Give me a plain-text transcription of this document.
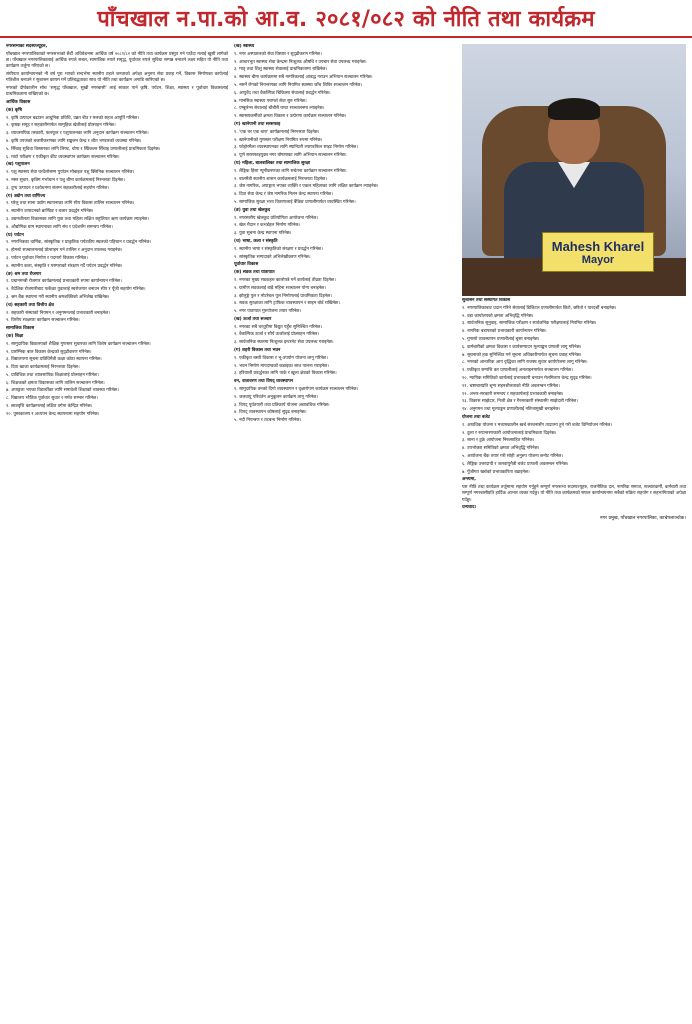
पाँचखाल न.पा.को आ.व. २०८१/०८२ को नीति तथा कार्यक्रम

नगरसभाका सदस्यज्यूहरु,

पाँचखाल नगरपालिकाको नगरसभाको छैटौं अधिवेशनमा आर्थिक वर्ष २०८१/८२ को नीति तथा कार्यक्रम प्रस्तुत गर्न पाउँदा मलाई खुसी लागेको छ। पाँचखाल नगरपालिकालाई आर्थिक रुपले सबल, सामाजिक रुपले समृद्ध, पूर्वाधार रुपले सुविधा सम्पन्न बनाउने लक्ष्य सहित यो नीति तथा कार्यक्रम तर्जुमा गरिएको छ।

संघीयता कार्यान्वयनको नौ वर्ष पूरा भएको सन्दर्भमा स्थानीय तहले जनताको अपेक्षा अनुरुप सेवा प्रवाह गर्ने, विकास निर्माणका कार्यलाई गतिशील बनाउने र सुशासन कायम गर्ने प्रतिबद्धताका साथ यो नीति तथा कार्यक्रम अगाडि सारिएको छ।

नगरको दीर्घकालीन सोच 'समृद्ध पाँचखाल, सुखी नगरबासी' लाई साकार पार्न कृषि, पर्यटन, शिक्षा, स्वास्थ्य र पूर्वाधार विकासलाई प्राथमिकतामा राखिएको छ।

आर्थिक विकास

(क) कृषि

१. कृषि उत्पादन बढाउन आधुनिक प्रविधि, उन्नत बीउ र मलको सहज आपूर्ति गरिनेछ।

२. कृषक समूह र सहकारीमार्फत सामूहिक खेतीलाई प्रोत्साहन गरिनेछ।

३. व्यावसायिक तरकारी, फलफूल र पशुपालनका लागि अनुदान कार्यक्रम सञ्चालन गरिनेछ।

४. कृषि उपजको बजारीकरणका लागि सङ्कलन केन्द्र र शीत भण्डारको व्यवस्था गरिनेछ।

५. सिँचाइ सुविधा विस्तारका लागि लिफ्ट, थोपा र स्प्रिंकलर सिँचाइ प्रणालीलाई प्राथमिकता दिइनेछ।

६. माटो परीक्षण र एकीकृत कीट व्यवस्थापन कार्यक्रम सञ्चालन गरिनेछ।

(ख) पशुपालन

१. पशु स्वास्थ्य सेवा घरदैलोसम्म पुर्याउन मोबाइल पशु क्लिनिक सञ्चालन गरिनेछ।

२. नस्ल सुधार, कृत्रिम गर्भाधान र पशु बीमा कार्यक्रमलाई निरन्तरता दिइनेछ।

३. दुग्ध उत्पादन र प्रशोधनमा संलग्न सहकारीलाई सहयोग गरिनेछ।

(ग) उद्योग तथा वाणिज्य

१. घरेलु तथा साना उद्योग स्थापनाका लागि सीप विकास तालिम सञ्चालन गरिनेछ।

२. स्थानीय उत्पादनको ब्राण्डिङ र बजार प्रवर्द्धन गरिनेछ।

३. उद्यमशीलता विकासका लागि युवा तथा महिला लक्षित सहुलियत ऋण कार्यक्रम ल्याइनेछ।

४. औद्योगिक ग्राम स्थापनाका लागि संघ र प्रदेशसँग समन्वय गरिनेछ।

(घ) पर्यटन

१. नगरभित्रका धार्मिक, सांस्कृतिक र प्राकृतिक पर्यटकीय स्थलको पहिचान र प्रवर्द्धन गरिनेछ।

२. होमस्टे सञ्चालनलाई प्रोत्साहन गर्न तालिम र अनुदान उपलब्ध गराइनेछ।

३. पर्यटन पूर्वाधार निर्माण र पदमार्ग विकास गरिनेछ।

४. स्थानीय कला, संस्कृति र परम्पराको संरक्षण गर्दै पर्यटन प्रवर्द्धन गरिनेछ।

(ङ) श्रम तथा रोजगार

१. प्रधानमन्त्री रोजगार कार्यक्रमलाई प्रभावकारी रुपमा कार्यान्वयन गरिनेछ।

२. वैदेशिक रोजगारीबाट फर्केका युवालाई स्वरोजगार बनाउन सीप र पूँजी सहयोग गरिनेछ।

३. श्रम बैंक स्थापना गरी स्थानीय श्रमशक्तिको अभिलेख राखिनेछ।

(च) सहकारी तथा वित्तीय क्षेत्र

१. सहकारी संस्थाको नियमन र अनुगमनलाई प्रभावकारी बनाइनेछ।

२. वित्तीय साक्षरता कार्यक्रम सञ्चालन गरिनेछ।

सामाजिक विकास

(क) शिक्षा

१. सामुदायिक विद्यालयको शैक्षिक गुणस्तर सुधारका लागि विशेष कार्यक्रम सञ्चालन गरिनेछ।

२. प्रारम्भिक बाल विकास केन्द्रको सुदृढीकरण गरिनेछ।

३. विद्यालयमा सूचना प्रविधिमैत्री कक्षा कोठा स्थापना गरिनेछ।

४. दिवा खाजा कार्यक्रमलाई निरन्तरता दिइनेछ।

५. प्राविधिक तथा व्यावसायिक शिक्षालाई प्रोत्साहन गरिनेछ।

६. शिक्षकको क्षमता विकासका लागि तालिम सञ्चालन गरिनेछ।

७. अपाङ्गता भएका विद्यार्थीका लागि समावेशी शिक्षाको व्यवस्था गरिनेछ।

८. विद्यालय भौतिक पूर्वाधार सुधार र मर्मत सम्भार गरिनेछ।

९. छात्रवृत्ति कार्यक्रमलाई लक्षित वर्गमा केन्द्रित गरिनेछ।

१०. पुस्तकालय र अध्ययन केन्द्र स्थापनामा सहयोग गरिनेछ।

(ख) स्वास्थ्य

१. नगर अस्पतालको सेवा विस्तार र सुदृढीकरण गरिनेछ।

२. आधारभूत स्वास्थ्य सेवा केन्द्रमा निःशुल्क औषधि र उपचार सेवा उपलब्ध गराइनेछ।

३. मातृ तथा शिशु स्वास्थ्य सेवालाई प्राथमिकतामा राखिनेछ।

४. स्वास्थ्य बीमा कार्यक्रममा सबै नागरिकलाई आबद्ध गराउन अभियान सञ्चालन गरिनेछ।

५. नसर्ने रोगको नियन्त्रणका लागि नियमित स्वास्थ्य जाँच शिविर सञ्चालन गरिनेछ।

६. आयुर्वेद तथा वैकल्पिक चिकित्सा सेवालाई प्रवर्द्धन गरिनेछ।

७. मानसिक स्वास्थ्य परामर्श सेवा सुरु गरिनेछ।

८. एम्बुलेन्स सेवालाई चौबीसै घण्टा सञ्चालनमा ल्याइनेछ।

९. स्वास्थ्यकर्मीको क्षमता विकास र उत्प्रेरणा कार्यक्रम सञ्चालन गरिनेछ।

(ग) खानेपानी तथा सरसफाइ

१. 'एक घर एक धारा' कार्यक्रमलाई निरन्तरता दिइनेछ।

२. खानेपानीको गुणस्तर परीक्षण नियमित रुपमा गरिनेछ।

३. फोहोरमैला व्यवस्थापनका लागि स्यानिटरी ल्याण्डफिल साइट निर्माण गरिनेछ।

४. पूर्ण सरसफाइयुक्त नगर घोषणाका लागि अभियान सञ्चालन गरिनेछ।

(घ) महिला, बालबालिका तथा सामाजिक सुरक्षा

१. लैङ्गिक हिंसा न्यूनीकरणका लागि सचेतना कार्यक्रम सञ्चालन गरिनेछ।

२. बालमैत्री स्थानीय शासन कार्यक्रमलाई निरन्तरता दिइनेछ।

३. जेष्ठ नागरिक, अपाङ्गता भएका व्यक्ति र एकल महिलाका लागि लक्षित कार्यक्रम ल्याइनेछ।

४. दिवा सेवा केन्द्र र जेष्ठ नागरिक मिलन केन्द्र स्थापना गरिनेछ।

५. सामाजिक सुरक्षा भत्ता वितरणलाई बैंकिङ प्रणालीमार्फत व्यवस्थित गरिनेछ।

(ङ) युवा तथा खेलकुद

१. नगरस्तरीय खेलकुद प्रतियोगिता आयोजना गरिनेछ।

२. खेल मैदान र कभर्डहल निर्माण गरिनेछ।

३. युवा सूचना केन्द्र स्थापना गरिनेछ।

(च) भाषा, कला र संस्कृति

१. स्थानीय भाषा र संस्कृतिको संरक्षण र प्रवर्द्धन गरिनेछ।

२. सांस्कृतिक सम्पदाको अभिलेखीकरण गरिनेछ।

पूर्वाधार विकास

(क) सडक तथा यातायात

१. नगरका मुख्य सडकहरु कालोपत्रे गर्ने कार्यलाई तीव्रता दिइनेछ।

२. ग्रामीण सडकलाई बाह्रै महिना सञ्चालन योग्य बनाइनेछ।

३. झोलुङ्गे पुल र मोटरेबल पुल निर्माणलाई प्राथमिकता दिइनेछ।

४. सडक सुरक्षाका लागि ट्राफिक व्यवस्थापन र साइन बोर्ड राखिनेछ।

५. नगर यातायात गुरुयोजना तयार गरिनेछ।

(ख) ऊर्जा तथा सञ्चार

१. नगरका सबै घरधुरीमा विद्युत पहुँच सुनिश्चित गरिनेछ।

२. वैकल्पिक ऊर्जा र सौर्य ऊर्जालाई प्रोत्साहन गरिनेछ।

३. सार्वजनिक स्थलमा निःशुल्क इन्टरनेट सेवा उपलब्ध गराइनेछ।

(ग) शहरी विकास तथा भवन

१. एकीकृत बस्ती विकास र भू-उपयोग योजना लागू गरिनेछ।

२. भवन निर्माण मापदण्डको कडाइका साथ पालना गराइनेछ।

३. हरियाली प्रवर्द्धनका लागि पार्क र खुला क्षेत्रको विकास गरिनेछ।

वन, वातावरण तथा विपद् व्यवस्थापन

१. सामुदायिक वनको दिगो व्यवस्थापन र वृक्षारोपण कार्यक्रम सञ्चालन गरिनेछ।

२. जलवायु परिवर्तन अनुकूलन कार्यक्रम लागू गरिनेछ।

३. विपद् पूर्वतयारी तथा प्रतिकार्य योजना अद्यावधिक गरिनेछ।

४. विपद् व्यवस्थापन कोषलाई सुदृढ बनाइनेछ।

५. नदी नियन्त्रण र तटबन्ध निर्माण गरिनेछ।

Mahesh Kharel
Mayor

सुशासन तथा संस्थागत विकास

१. नगरपालिकाबाट प्रदान गरिने सेवालाई डिजिटल प्रणालीमार्फत छिटो, छरितो र पारदर्शी बनाइनेछ।

२. वडा कार्यालयको क्षमता अभिवृद्धि गरिनेछ।

३. सार्वजनिक सुनुवाइ, सामाजिक परीक्षण र सार्वजनिक परीक्षणलाई नियमित गरिनेछ।

४. नागरिक बडापत्रको प्रभावकारी कार्यान्वयन गरिनेछ।

५. गुनासो व्यवस्थापन प्रणालीलाई चुस्त बनाइनेछ।

६. कर्मचारीको क्षमता विकास र कार्यसम्पादन मूल्याङ्कन प्रणाली लागू गरिनेछ।

७. सूचनाको हक सुनिश्चित गर्न सूचना अधिकारीमार्फत सूचना प्रवाह गरिनेछ।

८. नगरको आन्तरिक आय वृद्धिका लागि राजस्व सुधार कार्ययोजना लागू गरिनेछ।

९. एकीकृत सम्पत्ति कर प्रणालीलाई अनलाइनमार्फत सञ्चालन गरिनेछ।

१०. न्यायिक समितिको कार्यलाई प्रभावकारी बनाउन मेलमिलाप केन्द्र सुदृढ गरिनेछ।

११. भ्रष्टाचारप्रति शून्य सहनशीलताको नीति अवलम्बन गरिनेछ।

१२. अन्तर-सरकारी समन्वय र सहकार्यलाई प्रभावकारी बनाइनेछ।

१३. विकास साझेदार, निजी क्षेत्र र गैरसरकारी संस्थासँग साझेदारी गरिनेछ।

१४. अनुगमन तथा मूल्याङ्कन प्रणालीलाई नतिजामुखी बनाइनेछ।

योजना तथा बजेट

१. आवधिक योजना र मध्यमकालीन खर्च संरचनासँग तादात्म्य हुने गरी बजेट विनियोजन गरिनेछ।

२. ठूला र रुपान्तरणकारी आयोजनालाई प्राथमिकता दिइनेछ।

३. साना र टुक्रे आयोजना निरुत्साहित गरिनेछ।

४. उपभोक्ता समितिको क्षमता अभिवृद्धि गरिनेछ।

५. आयोजना बैंक तयार गरी सोही अनुरुप योजना छनोट गरिनेछ।

६. लैङ्गिक उत्तरदायी र जलवायुमैत्री बजेट प्रणाली अवलम्बन गरिनेछ।

७. पुँजीगत खर्चको प्रभावकारिता बढाइनेछ।

अन्त्यमा,

यस नीति तथा कार्यक्रम तर्जुमामा सहयोग गर्नुहुने सम्पूर्ण नगरसभा सदस्यज्यूहरु, राजनीतिक दल, नागरिक समाज, सञ्चारकर्मी, कर्मचारी तथा सम्पूर्ण नगरबासीप्रति हार्दिक आभार व्यक्त गर्दछु। यो नीति तथा कार्यक्रमको सफल कार्यान्वयनमा सबैको सक्रिय सहयोग र सहभागिताको अपेक्षा गर्दछु।

धन्यवाद।

नगर प्रमुख, पाँचखाल नगरपालिका, काभ्रेपलाञ्चोक।
